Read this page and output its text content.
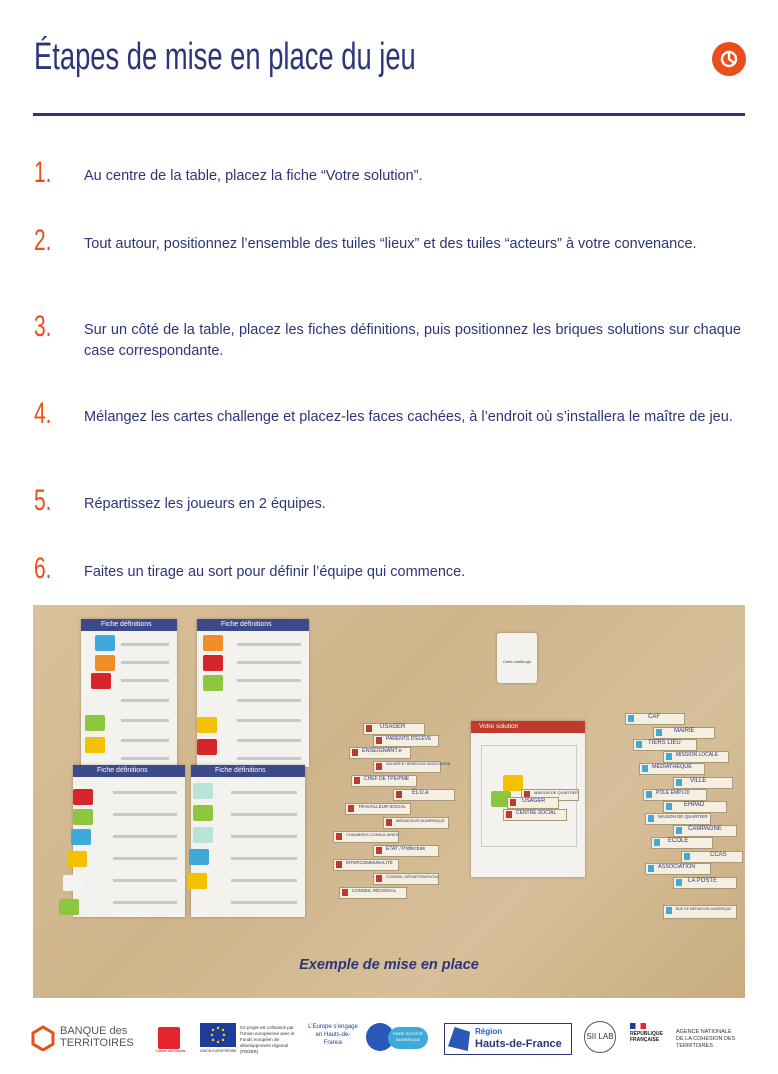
Étapes de mise en place du jeu
1. Au centre de la table, placez la fiche “Votre solution”.
2. Tout autour, positionnez l’ensemble des tuiles “lieux” et des tuiles “acteurs” à votre convenance.
3. Sur un côté de la table, placez les fiches définitions, puis positionnez les briques solutions sur chaque case correspondante.
4. Mélangez les cartes challenge et placez-les faces cachées, à l’endroit où s’installera le maître de jeu.
5. Répartissez les joueurs en 2 équipes.
6. Faites un tirage au sort pour définir l’équipe qui commence.
Fiche définitions	Fiche définitions
Fiche définitions	Fiche définitions
Carte challenge
USAGER
PARENTS D'ÉLÈVE
ENSEIGNANT.e
SALARIÉ.E / BÉNÉVOLE ASSOCIATION
CHEF DE TPE/PME
ÉLU.e
TRAVAILLEUR SOCIAL
MÉDIATEUR NUMÉRIQUE
CHAMBRES CONSULAIRES
ÉTAT / Préfecture
INTERCOMMUNALITÉ
CONSEIL DÉPARTEMENTAL
CONSEIL RÉGIONAL
Votre solution
MAISON DE QUARTIER
USAGER
CENTRE SOCIAL
CAF
MAIRIE
TIERS LIEU
MISSION LOCALE
MÉDIATHÈQUE
VILLE
PÔLE EMPLOI
EHPAD
MAISON DE QUARTIER
CAMPAGNE
ECOLE
CCAS
ASSOCIATION
LA POSTE
BUS DE MÉDIATION NUMÉRIQUE
Exemple de mise en place
BANQUE des TERRITOIRES
Caisse des Dépôts	UNION EUROPÉENNE
Ce projet est cofinancé par l’Union européenne avec le Fonds européen de développement régional (FEDER)
L’Europe s’engage en Hauts-de-France
FAIRE SOCIÉTÉ NUMÉRIQUE
Région
Hauts-de-France
SII LAB	RÉPUBLIQUE FRANÇAISE
AGENCE NATIONALE DE LA COHÉSION DES TERRITOIRES
